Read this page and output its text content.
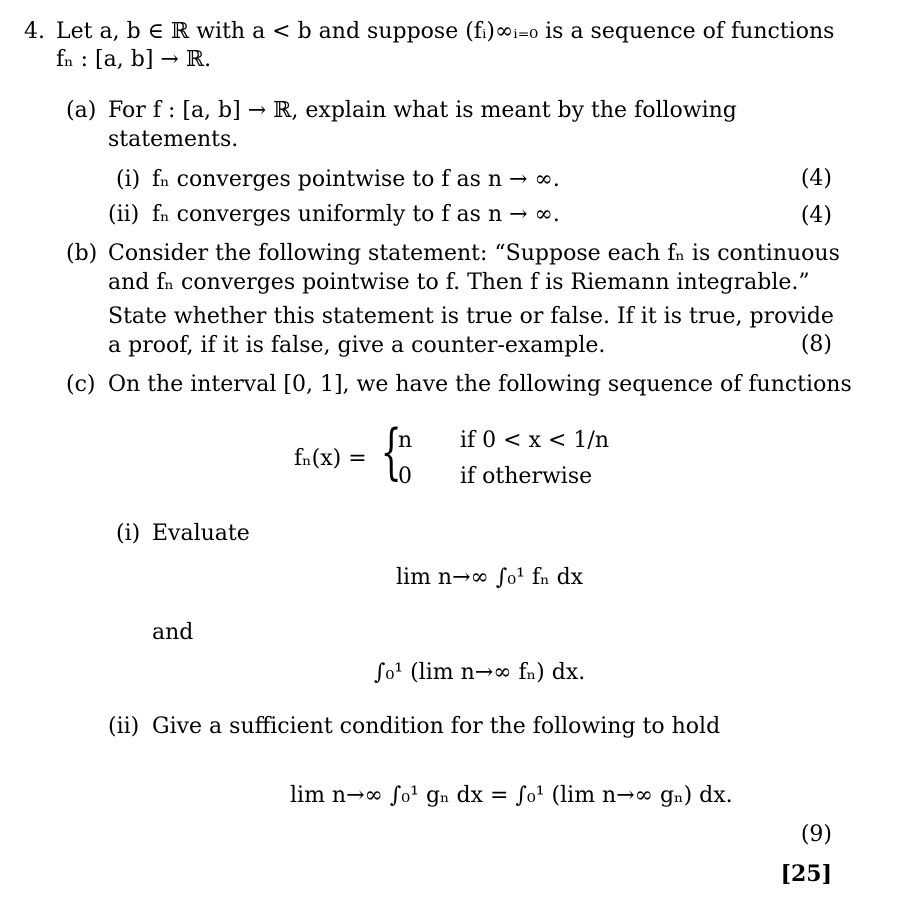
4. Let a, b ∈ ℝ with a < b and suppose (fᵢ)∞ᵢ₌₀ is a sequence of functions
fₙ : [a, b] → ℝ.
(a) For f : [a, b] → ℝ, explain what is meant by the following
statements.
(i) fₙ converges pointwise to f as n → ∞.	(4)
(ii) fₙ converges uniformly to f as n → ∞.	(4)
(b) Consider the following statement: “Suppose each fₙ is continuous
and fₙ converges pointwise to f. Then f is Riemann integrable.”
State whether this statement is true or false. If it is true, provide
a proof, if it is false, give a counter-example.	(8)
(c) On the interval [0, 1], we have the following sequence of functions
fₙ(x) = {
n if 0 < x < 1/n
0 if otherwise
(i) Evaluate
lim n→∞ ∫₀¹ fₙ dx
and
∫₀¹ (lim n→∞ fₙ) dx.
(ii) Give a sufficient condition for the following to hold
lim n→∞ ∫₀¹ gₙ dx = ∫₀¹ (lim n→∞ gₙ) dx.
(9)
[25]
